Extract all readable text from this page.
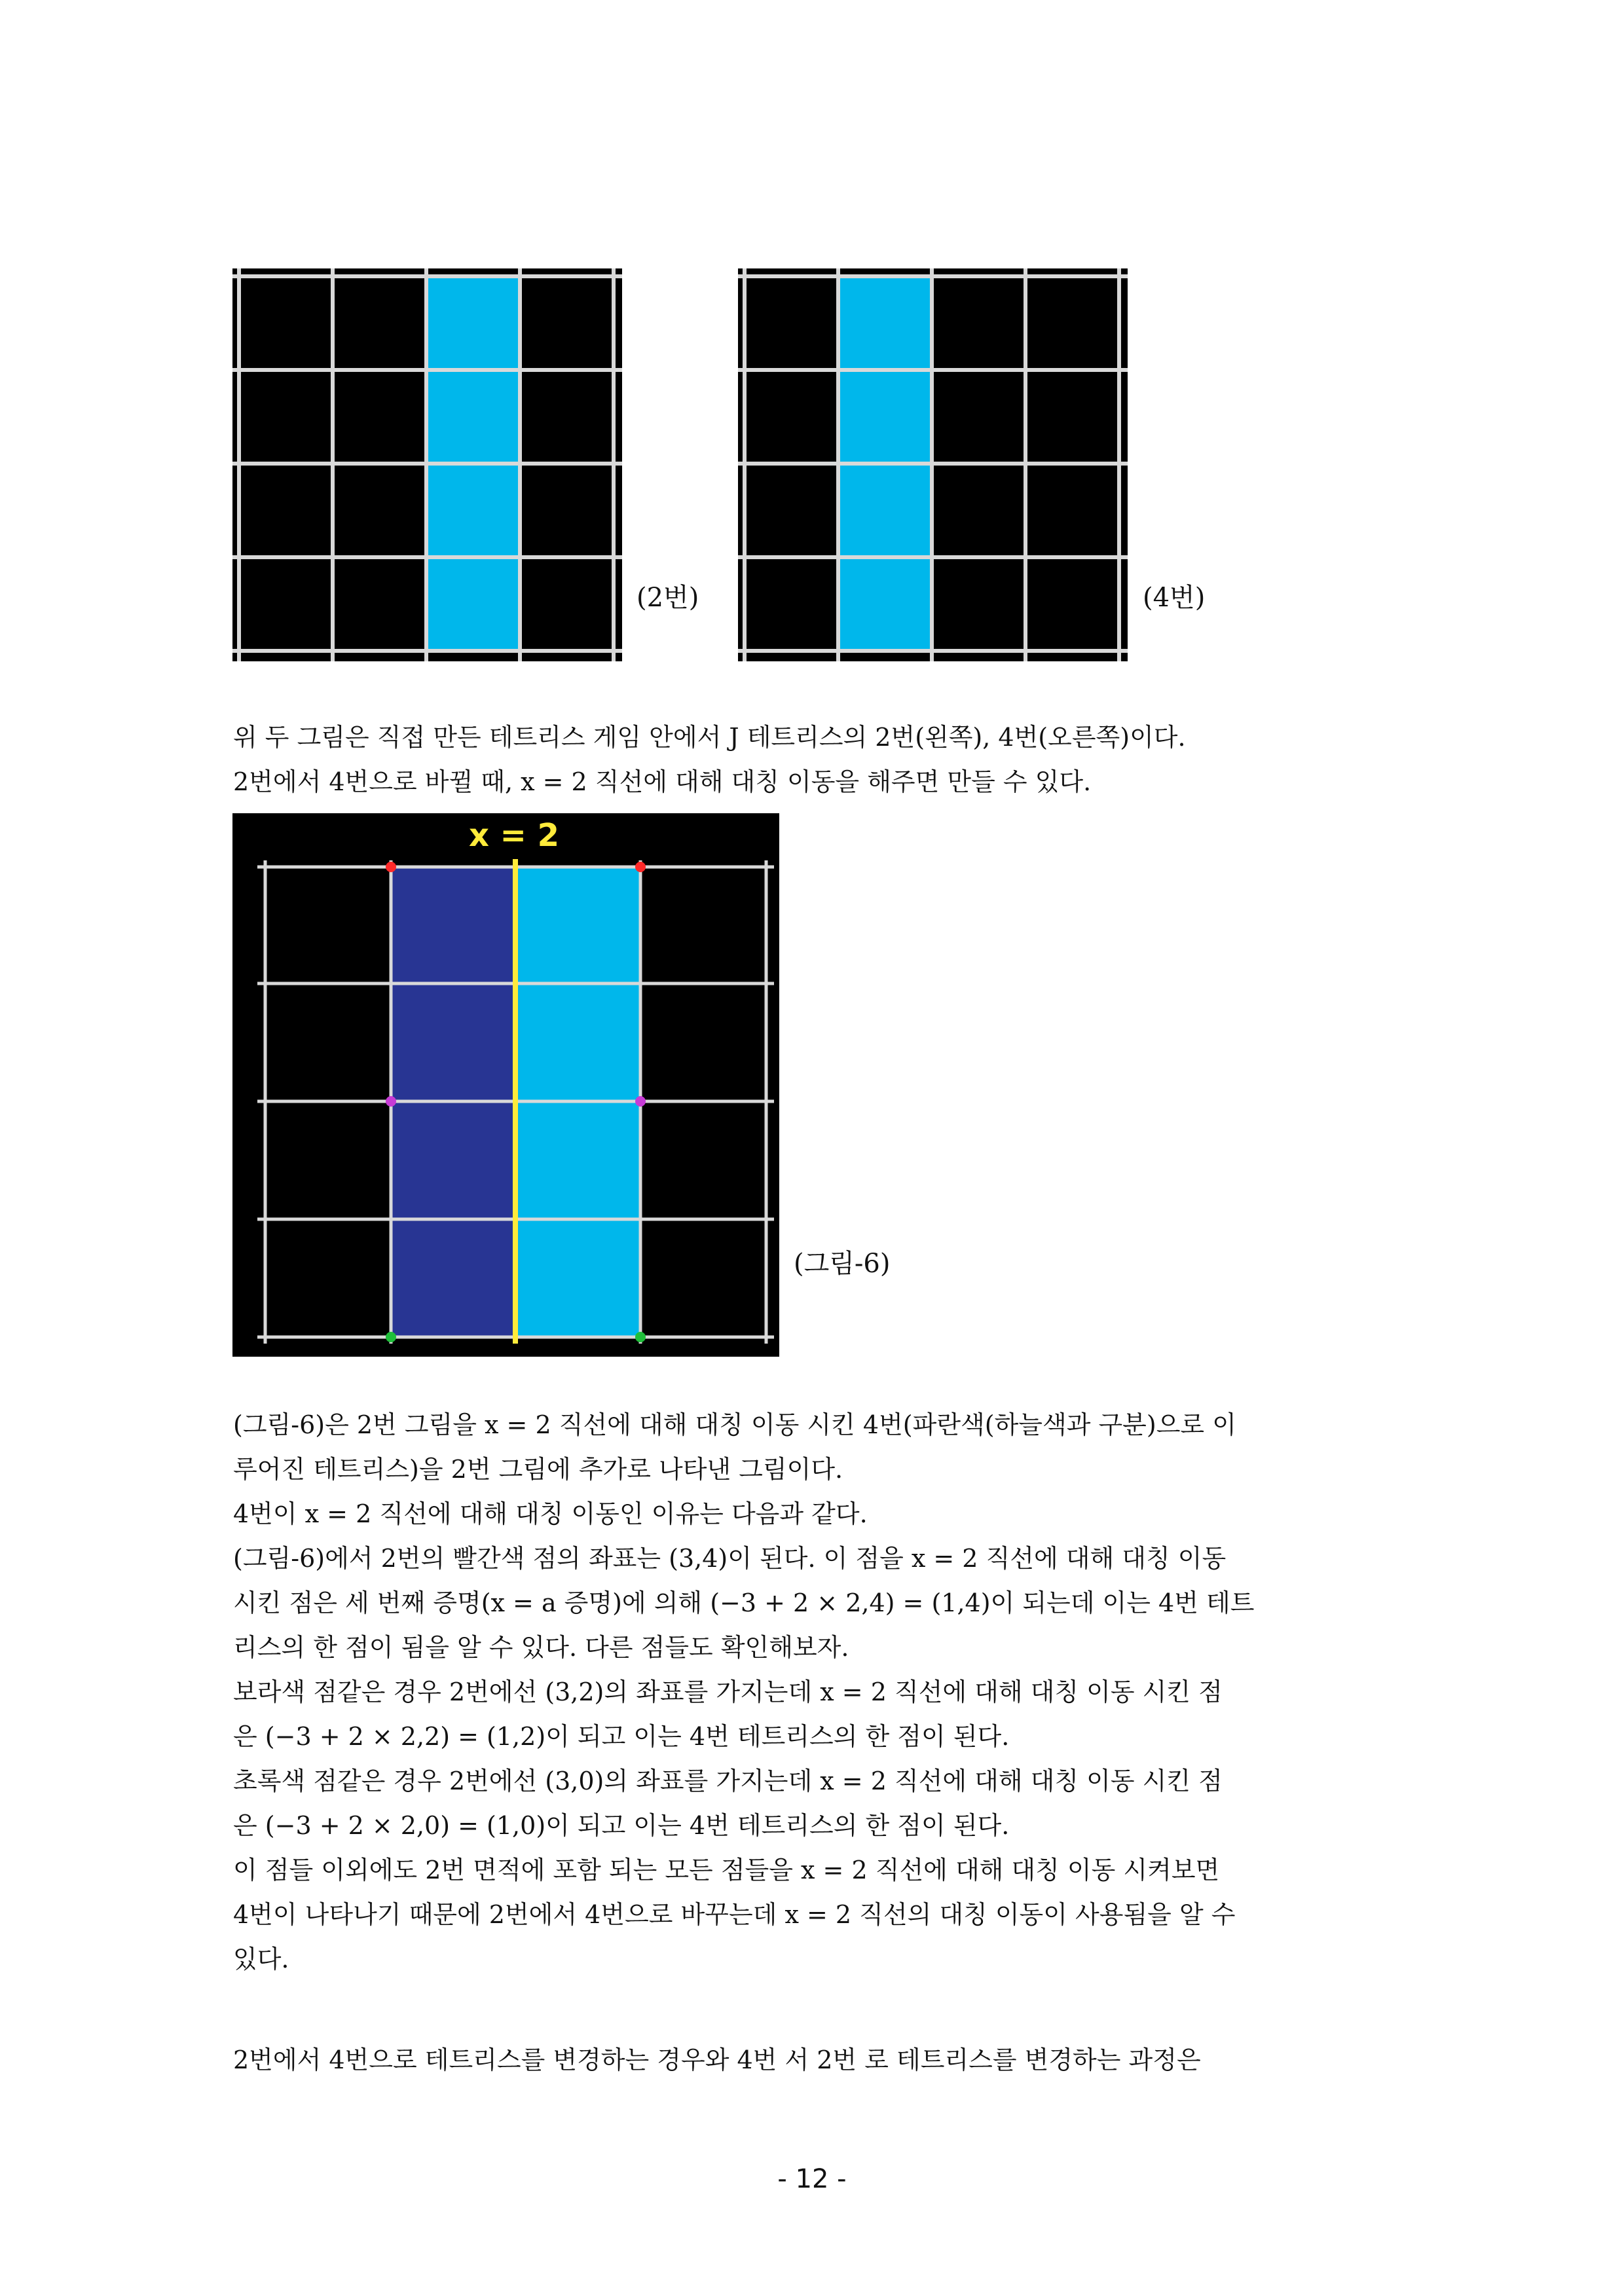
(2번)	(4번)

위 두 그림은 직접 만든 테트리스 게임 안에서 J 테트리스의 2번(왼쪽), 4번(오른쪽)이다.

2번에서 4번으로 바뀔 때, x = 2 직선에 대해 대칭 이동을 해주면 만들 수 있다.

x = 2
(그림-6)

(그림-6)은 2번 그림을 x = 2 직선에 대해 대칭 이동 시킨 4번(파란색(하늘색과 구분)으로 이

루어진 테트리스)을 2번 그림에 추가로 나타낸 그림이다.

4번이 x = 2 직선에 대해 대칭 이동인 이유는 다음과 같다.

(그림-6)에서 2번의 빨간색 점의 좌표는 (3,4)이 된다. 이 점을 x = 2 직선에 대해 대칭 이동

시킨 점은 세 번째 증명(x = a 증명)에 의해 (−3 + 2 × 2,4) = (1,4)이 되는데 이는 4번 테트

리스의 한 점이 됨을 알 수 있다. 다른 점들도 확인해보자.

보라색 점같은 경우 2번에선 (3,2)의 좌표를 가지는데 x = 2 직선에 대해 대칭 이동 시킨 점

은 (−3 + 2 × 2,2) = (1,2)이 되고 이는 4번 테트리스의 한 점이 된다.

초록색 점같은 경우 2번에선 (3,0)의 좌표를 가지는데 x = 2 직선에 대해 대칭 이동 시킨 점

은 (−3 + 2 × 2,0) = (1,0)이 되고 이는 4번 테트리스의 한 점이 된다.

이 점들 이외에도 2번 면적에 포함 되는 모든 점들을 x = 2 직선에 대해 대칭 이동 시켜보면

4번이 나타나기 때문에 2번에서 4번으로 바꾸는데 x = 2 직선의 대칭 이동이 사용됨을 알 수

있다.

2번에서 4번으로 테트리스를 변경하는 경우와 4번 서 2번 로 테트리스를 변경하는 과정은

- 12 -
